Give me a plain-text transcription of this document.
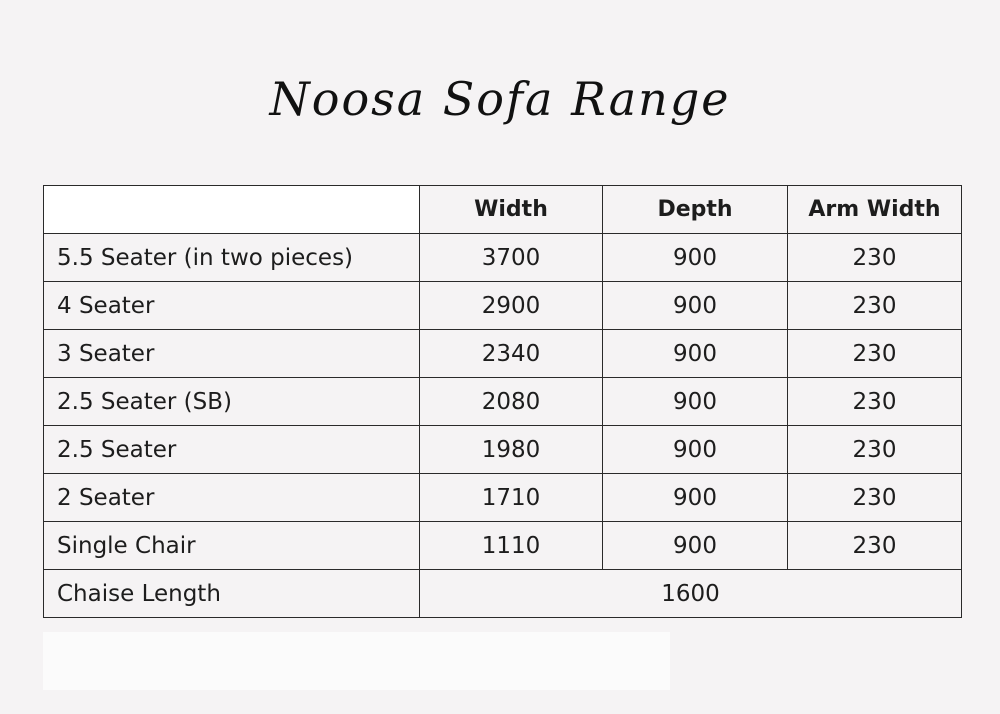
Noosa Sofa Range
	Width	Depth	Arm Width
5.5 Seater (in two pieces)	3700	900	230
4 Seater	2900	900	230
3 Seater	2340	900	230
2.5 Seater (SB)	2080	900	230
2.5 Seater	1980	900	230
2 Seater	1710	900	230
Single Chair	1110	900	230
Chaise Length	1600		
